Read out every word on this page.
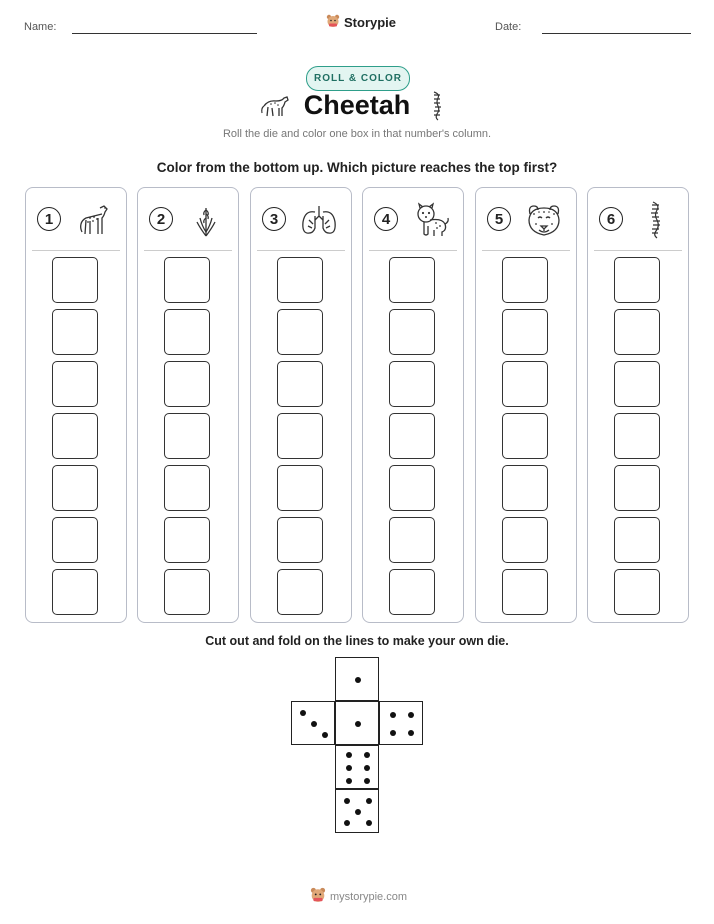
Name:	Storypie	Date:
ROLL & COLOR
Cheetah
Roll the die and color one box in that number's column.
Color from the bottom up. Which picture reaches the top first?
1	2	3	4	5	6
Cut out and fold on the lines to make your own die.
mystorypie.com
